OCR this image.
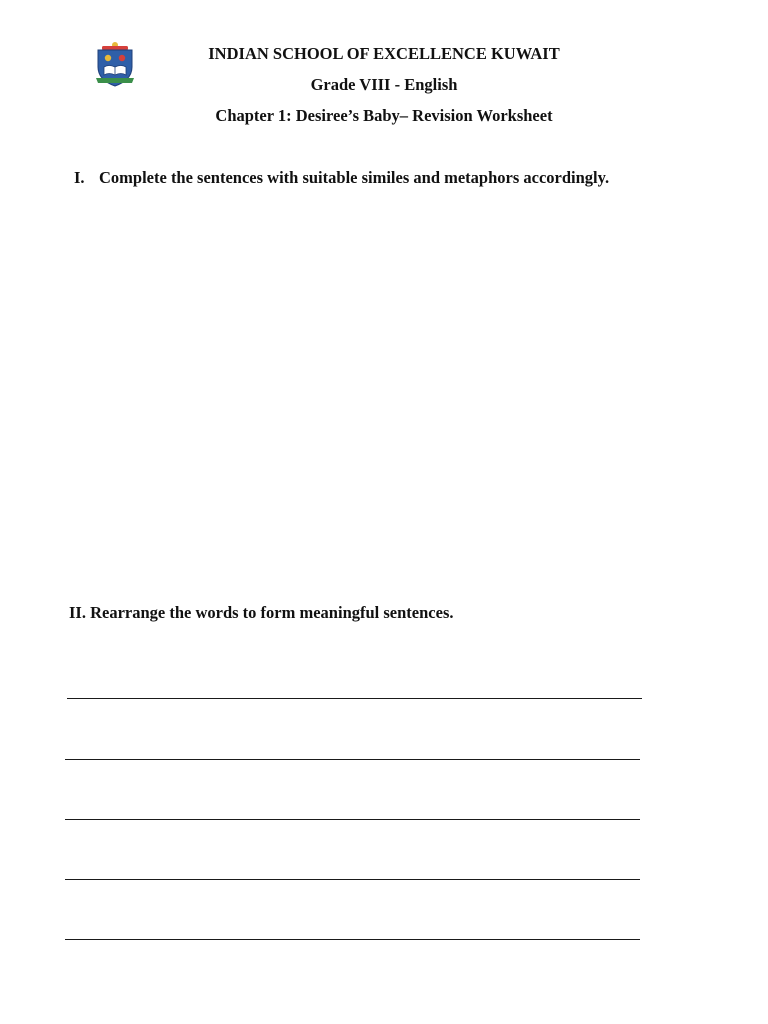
INDIAN SCHOOL OF EXCELLENCE KUWAIT
Grade VIII - English
Chapter 1: Desiree’s Baby– Revision Worksheet
I. Complete the sentences with suitable similes and metaphors accordingly.
II. Rearrange the words to form meaningful sentences.
